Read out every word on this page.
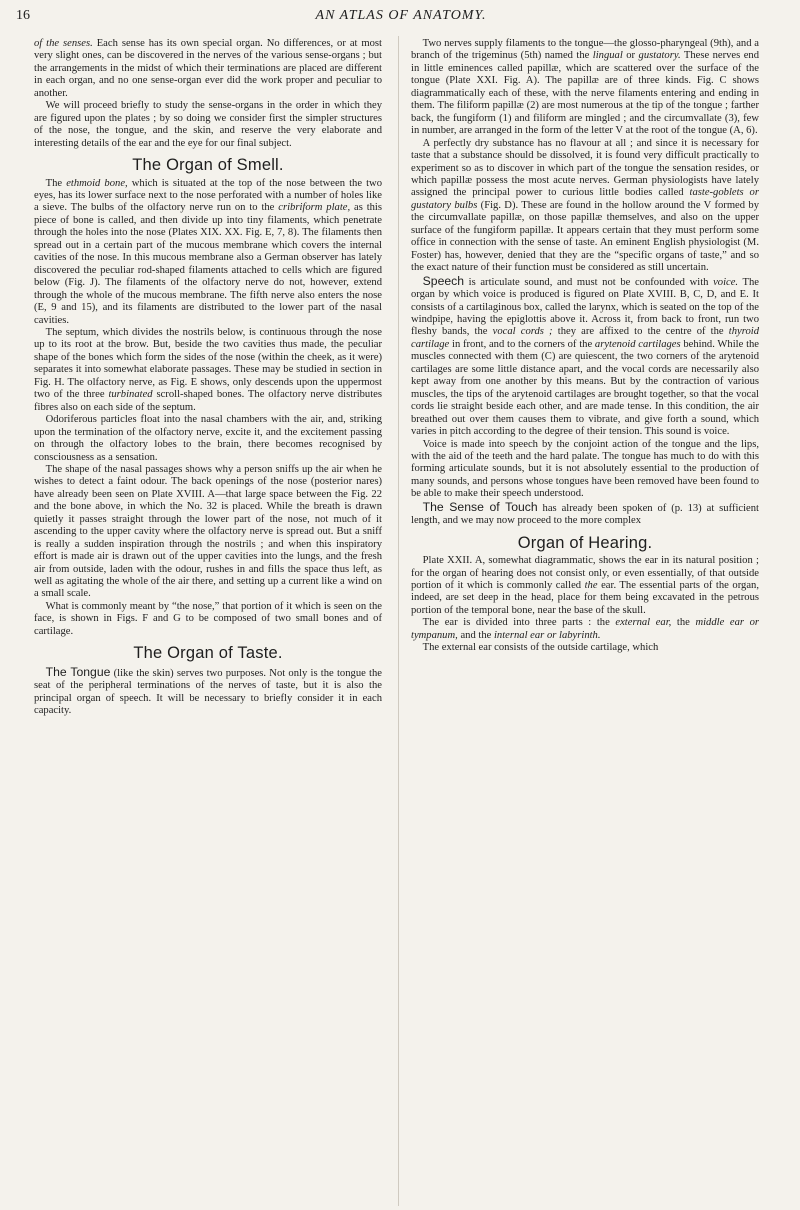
16	AN ATLAS OF ANATOMY.

of the senses. Each sense has its own special organ. No differences, or at most very slight ones, can be discovered in the nerves of the various sense-organs ; but the arrangements in the midst of which their terminations are placed are different in each organ, and no one sense-organ ever did the work proper and peculiar to another.

We will proceed briefly to study the sense-organs in the order in which they are figured upon the plates ; by so doing we consider first the simpler structures of the nose, the tongue, and the skin, and reserve the very elaborate and interesting details of the ear and the eye for our final subject.

The Organ of Smell.

The ethmoid bone, which is situated at the top of the nose between the two eyes, has its lower surface next to the nose perforated with a number of holes like a sieve. The bulbs of the olfactory nerve run on to the cribriform plate, as this piece of bone is called, and then divide up into tiny filaments, which penetrate through the holes into the nose (Plates XIX. XX. Fig. E, 7, 8). The filaments then spread out in a certain part of the mucous membrane which covers the internal cavities of the nose. In this mucous membrane also a German observer has lately discovered the peculiar rod-shaped filaments attached to cells which are figured below (Fig. J). The filaments of the olfactory nerve do not, however, extend through the whole of the mucous membrane. The fifth nerve also enters the nose (E, 9 and 15), and its filaments are distributed to the lower part of the nasal cavities.

The septum, which divides the nostrils below, is continuous through the nose up to its root at the brow. But, beside the two cavities thus made, the peculiar shape of the bones which form the sides of the nose (within the cheek, as it were) separates it into somewhat elaborate passages. These may be studied in section in Fig. H. The olfactory nerve, as Fig. E shows, only descends upon the uppermost two of the three turbinated scroll-shaped bones. The olfactory nerve distributes fibres also on each side of the septum.

Odoriferous particles float into the nasal chambers with the air, and, striking upon the termination of the olfactory nerve, excite it, and the excitement passing on through the olfactory lobes to the brain, there becomes recognised by consciousness as a sensation.

The shape of the nasal passages shows why a person sniffs up the air when he wishes to detect a faint odour. The back openings of the nose (posterior nares) have already been seen on Plate XVIII. A—that large space between the Fig. 22 and the bone above, in which the No. 32 is placed. While the breath is drawn quietly it passes straight through the lower part of the nose, not much of it ascending to the upper cavity where the olfactory nerve is spread out. But a sniff is really a sudden inspiration through the nostrils ; and when this inspiratory effort is made air is drawn out of the upper cavities into the lungs, and the fresh air from outside, laden with the odour, rushes in and fills the space thus left, as well as agitating the whole of the air there, and setting up a current like a wind on a small scale.

What is commonly meant by “the nose,” that portion of it which is seen on the face, is shown in Figs. F and G to be composed of two small bones and of cartilage.

The Organ of Taste.

The Tongue (like the skin) serves two purposes. Not only is the tongue the seat of the peripheral terminations of the nerves of taste, but it is also the principal organ of speech. It will be necessary to briefly consider it in each capacity.

Two nerves supply filaments to the tongue—the glosso-pharyngeal (9th), and a branch of the trigeminus (5th) named the lingual or gustatory. These nerves end in little eminences called papillæ, which are scattered over the surface of the tongue (Plate XXI. Fig. A). The papillæ are of three kinds. Fig. C shows diagrammatically each of these, with the nerve filaments entering and ending in them. The filiform papillæ (2) are most numerous at the tip of the tongue ; farther back, the fungiform (1) and filiform are mingled ; and the circumvallate (3), few in number, are arranged in the form of the letter V at the root of the tongue (A, 6).

A perfectly dry substance has no flavour at all ; and since it is necessary for taste that a substance should be dissolved, it is found very difficult practically to experiment so as to discover in which part of the tongue the sensation resides, or which papillæ possess the most acute nerves. German physiologists have lately assigned the principal power to curious little bodies called taste-goblets or gustatory bulbs (Fig. D). These are found in the hollow around the V formed by the circumvallate papillæ, on those papillæ themselves, and also on the upper surface of the fungiform papillæ. It appears certain that they must perform some office in connection with the sense of taste. An eminent English physiologist (M. Foster) has, however, denied that they are the “specific organs of taste,” and so the exact nature of their function must be considered as still uncertain.

Speech is articulate sound, and must not be confounded with voice. The organ by which voice is produced is figured on Plate XVIII. B, C, D, and E. It consists of a cartilaginous box, called the larynx, which is seated on the top of the windpipe, having the epiglottis above it. Across it, from back to front, run two fleshy bands, the vocal cords ; they are affixed to the centre of the thyroid cartilage in front, and to the corners of the arytenoid cartilages behind. While the muscles connected with them (C) are quiescent, the two corners of the arytenoid cartilages are some little distance apart, and the vocal cords are necessarily also kept away from one another by this means. But by the contraction of various muscles, the tips of the arytenoid cartilages are brought together, so that the vocal cords lie straight beside each other, and are made tense. In this condition, the air breathed out over them causes them to vibrate, and give forth a sound, which varies in pitch according to the degree of their tension. This sound is voice.

Voice is made into speech by the conjoint action of the tongue and the lips, with the aid of the teeth and the hard palate. The tongue has much to do with this forming articulate sounds, but it is not absolutely essential to the production of many sounds, and persons whose tongues have been removed have been found to be able to make their speech understood.

The Sense of Touch has already been spoken of (p. 13) at sufficient length, and we may now proceed to the more complex

Organ of Hearing.

Plate XXII. A, somewhat diagrammatic, shows the ear in its natural position ; for the organ of hearing does not consist only, or even essentially, of that outside portion of it which is commonly called the ear. The essential parts of the organ, indeed, are set deep in the head, place for them being excavated in the petrous portion of the temporal bone, near the base of the skull.

The ear is divided into three parts : the external ear, the middle ear or tympanum, and the internal ear or labyrinth.

The external ear consists of the outside cartilage, which
